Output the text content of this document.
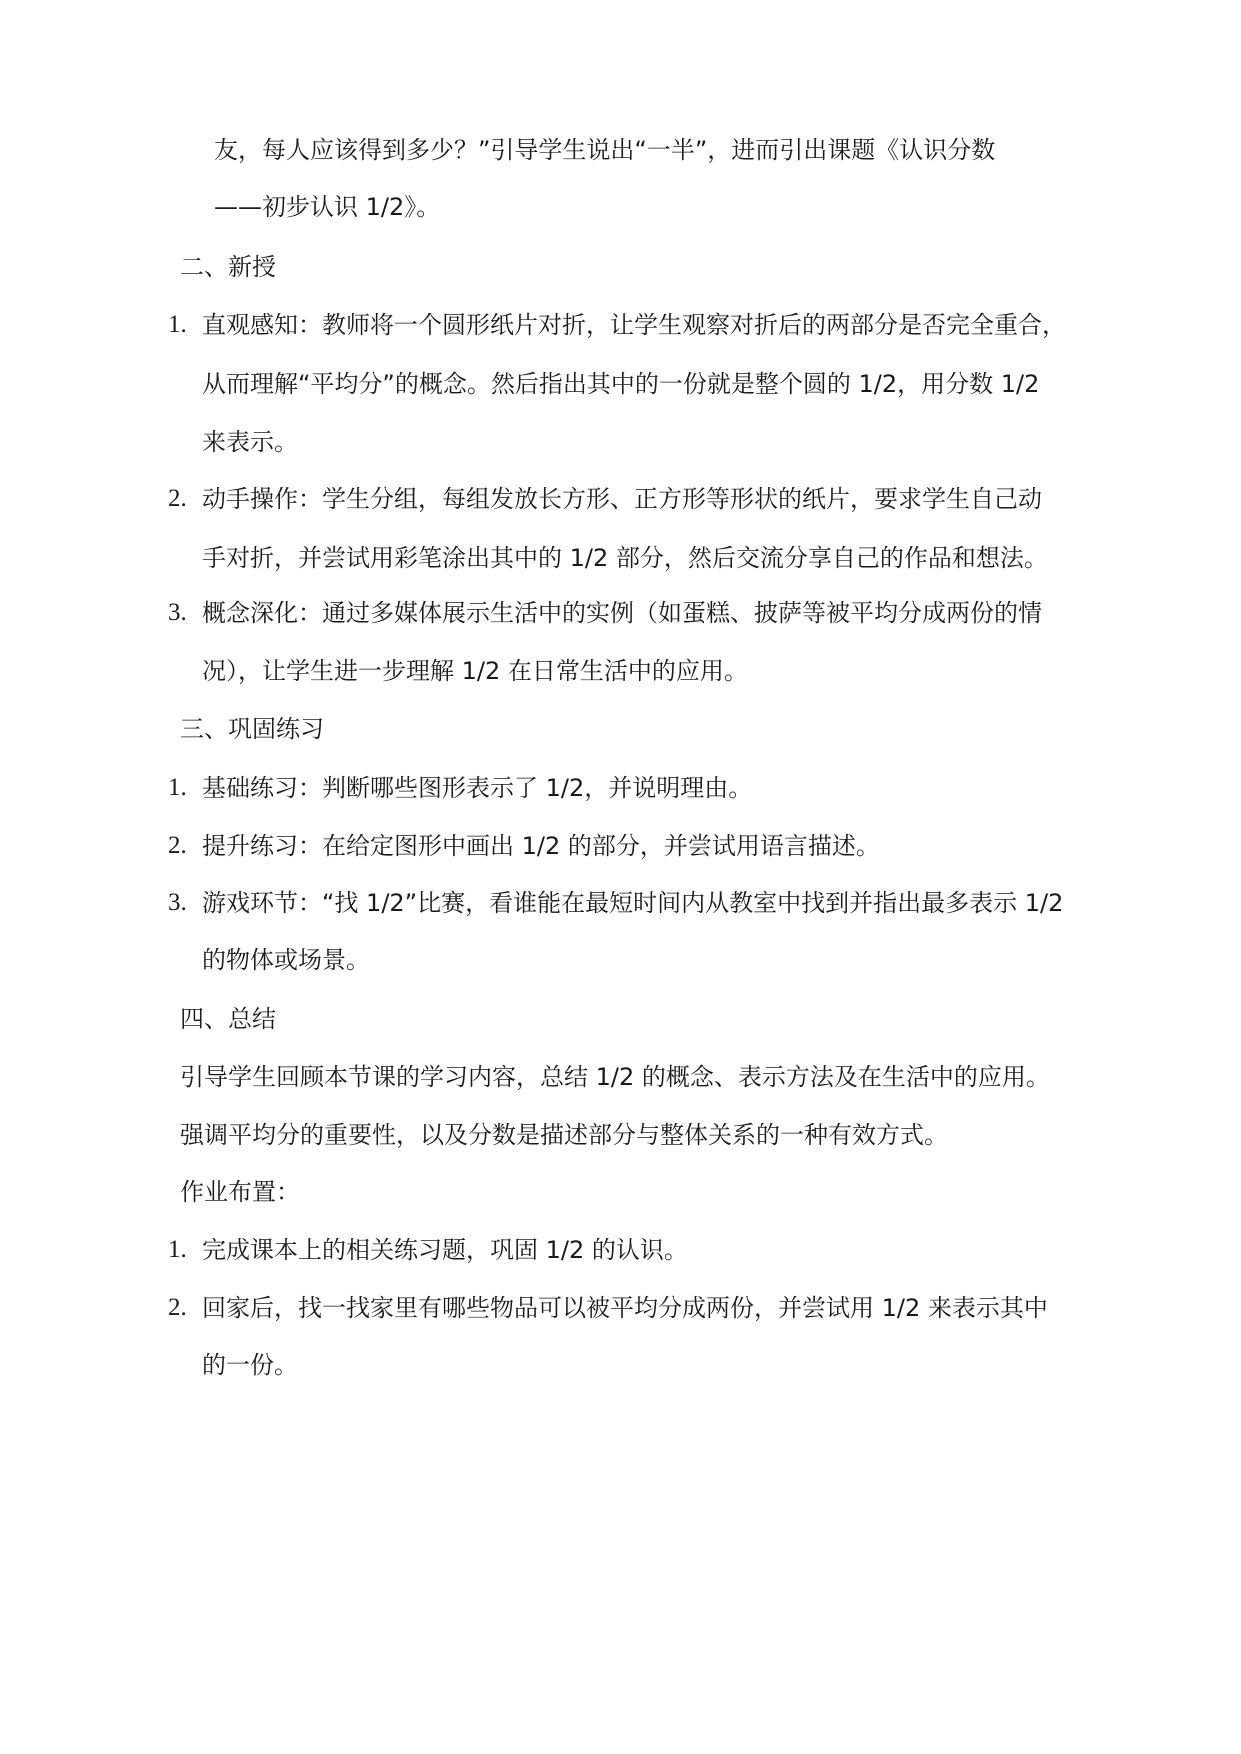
友，每人应该得到多少？”引导学生说出“一半”，进而引出课题《认识分数
——初步认识 1/2》。
二、新授
1. 直观感知：教师将一个圆形纸片对折，让学生观察对折后的两部分是否完全重合，
从而理解“平均分”的概念。然后指出其中的一份就是整个圆的 1/2，用分数 1/2
来表示。
2. 动手操作：学生分组，每组发放长方形、正方形等形状的纸片，要求学生自己动
手对折，并尝试用彩笔涂出其中的 1/2 部分，然后交流分享自己的作品和想法。
3. 概念深化：通过多媒体展示生活中的实例（如蛋糕、披萨等被平均分成两份的情
况），让学生进一步理解 1/2 在日常生活中的应用。
三、巩固练习
1. 基础练习：判断哪些图形表示了 1/2，并说明理由。
2. 提升练习：在给定图形中画出 1/2 的部分，并尝试用语言描述。
3. 游戏环节：“找 1/2”比赛，看谁能在最短时间内从教室中找到并指出最多表示 1/2
的物体或场景。
四、总结
引导学生回顾本节课的学习内容，总结 1/2 的概念、表示方法及在生活中的应用。
强调平均分的重要性，以及分数是描述部分与整体关系的一种有效方式。
作业布置：
1. 完成课本上的相关练习题，巩固 1/2 的认识。
2. 回家后，找一找家里有哪些物品可以被平均分成两份，并尝试用 1/2 来表示其中
的一份。
